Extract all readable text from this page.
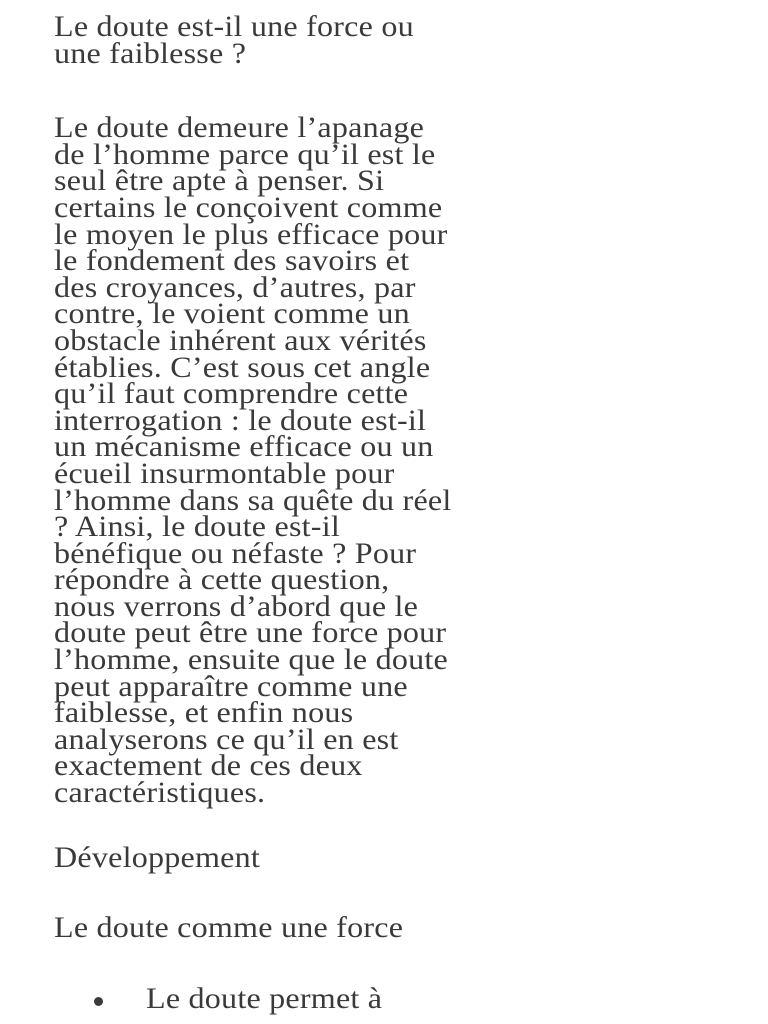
Le doute est-il une force ou
une faiblesse ?
Le doute demeure l’apanage
de l’homme parce qu’il est le
seul être apte à penser. Si
certains le conçoivent comme
le moyen le plus efficace pour
le fondement des savoirs et
des croyances, d’autres, par
contre, le voient comme un
obstacle inhérent aux vérités
établies. C’est sous cet angle
qu’il faut comprendre cette
interrogation : le doute est-il
un mécanisme efficace ou un
écueil insurmontable pour
l’homme dans sa quête du réel
? Ainsi, le doute est-il
bénéfique ou néfaste ? Pour
répondre à cette question,
nous verrons d’abord que le
doute peut être une force pour
l’homme, ensuite que le doute
peut apparaître comme une
faiblesse, et enfin nous
analyserons ce qu’il en est
exactement de ces deux
caractéristiques.
Développement
Le doute comme une force
Le doute permet à
